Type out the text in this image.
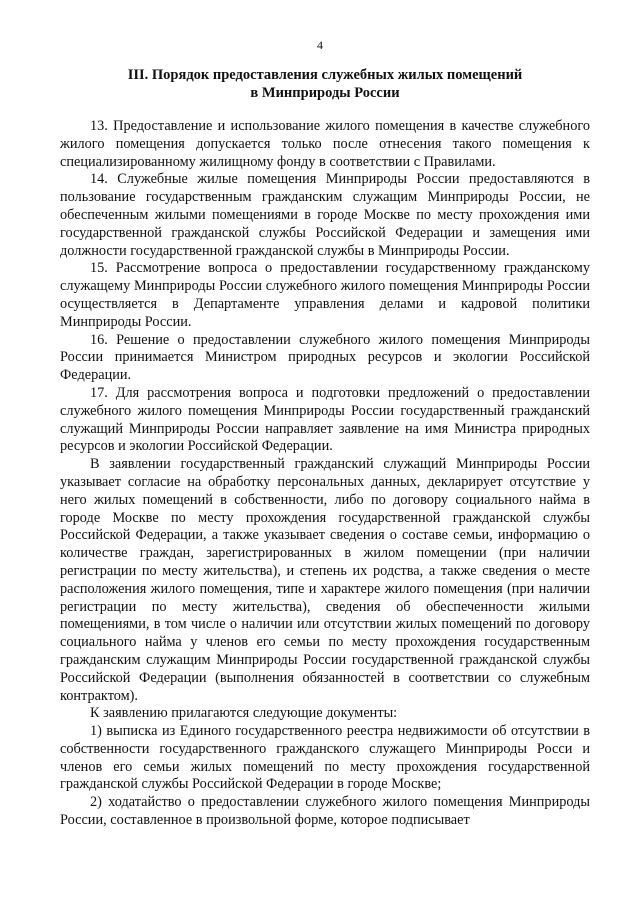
4
III. Порядок предоставления служебных жилых помещений
в Минприроды России

13. Предоставление и использование жилого помещения в качестве служебного жилого помещения допускается только после отнесения такого помещения к специализированному жилищному фонду в соответствии с Правилами.

14. Служебные жилые помещения Минприроды России предоставляются в пользование государственным гражданским служащим Минприроды России, не обеспеченным жилыми помещениями в городе Москве по месту прохождения ими государственной гражданской службы Российской Федерации и замещения ими должности государственной гражданской службы в Минприроды России.

15. Рассмотрение вопроса о предоставлении государственному гражданскому служащему Минприроды России служебного жилого помещения Минприроды России осуществляется в Департаменте управления делами и кадровой политики Минприроды России.

16. Решение о предоставлении служебного жилого помещения Минприроды России принимается Министром природных ресурсов и экологии Российской Федерации.

17. Для рассмотрения вопроса и подготовки предложений о предоставлении служебного жилого помещения Минприроды России государственный гражданский служащий Минприроды России направляет заявление на имя Министра природных ресурсов и экологии Российской Федерации.

В заявлении государственный гражданский служащий Минприроды России указывает согласие на обработку персональных данных, декларирует отсутствие у него жилых помещений в собственности, либо по договору социального найма в городе Москве по месту прохождения государственной гражданской службы Российской Федерации, а также указывает сведения о составе семьи, информацию о количестве граждан, зарегистрированных в жилом помещении (при наличии регистрации по месту жительства), и степень их родства, а также сведения о месте расположения жилого помещения, типе и характере жилого помещения (при наличии регистрации по месту жительства), сведения об обеспеченности жилыми помещениями, в том числе о наличии или отсутствии жилых помещений по договору социального найма у членов его семьи по месту прохождения государственным гражданским служащим Минприроды России государственной гражданской службы Российской Федерации (выполнения обязанностей в соответствии со служебным контрактом).

К заявлению прилагаются следующие документы:

1) выписка из Единого государственного реестра недвижимости об отсутствии в собственности государственного гражданского служащего Минприроды Росси и членов его семьи жилых помещений по месту прохождения государственной гражданской службы Российской Федерации в городе Москве;

2) ходатайство о предоставлении служебного жилого помещения Минприроды России, составленное в произвольной форме, которое подписывает
